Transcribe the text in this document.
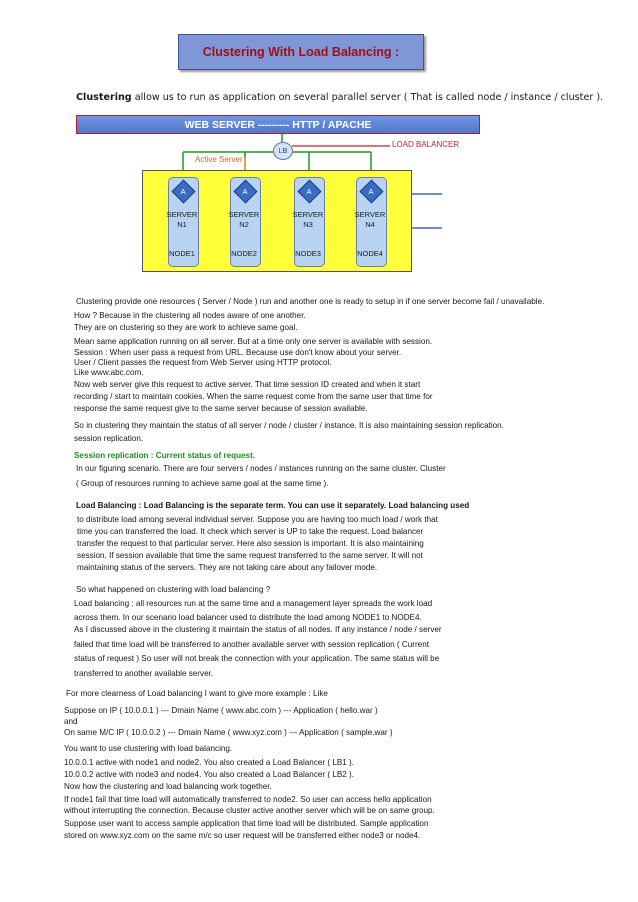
Clustering With Load Balancing :
Clustering allow us to run as application on several parallel server ( That is called node / instance / cluster ).
WEB SERVER --------- HTTP / APACHE
LB
LOAD BALANCER
Active Server
A	A	A	A
SERVER
N1
SERVER
N2
SERVER
N3
SERVER
N4
NODE1	NODE2	NODE3	NODE4
Clustering provide one resources ( Server / Node ) run and another one is ready to setup in if one server become fail / unavailable.
How ? Because in the clustering all nodes aware of one another.
They are on clustering so they are work to achieve same goal.
Mean same application running on all server. But at a time only one server is available with session.
Session : When user pass a request from URL. Because use don't know about your server.
User / Client passes the request from Web Server using HTTP protocol.
Like www.abc.com.
Now web server give this request to active server. That time session ID created and when it start
recording / start to maintain cookies. When the same request come from the same user that time for
response the same request give to the same server because of session available.
So in clustering they maintain the status of all server / node / cluster / instance. It is also maintaining session replication.
session replication.
Session replication : Current status of request.
In our figuring scenario. There are four servers / nodes / instances running on the same cluster. Cluster
( Group of resources running to achieve same goal at the same time ).
Load Balancing : Load Balancing is the separate term. You can use it separately. Load balancing used
to distribute load among several individual server. Suppose you are having too much load / work that
time you can transferred the load. It check which server is UP to take the request. Load balancer
transfer the request to that particular server. Here also session is important. It is also maintaining
session. If session available that time the same request transferred to the same server. It will not
maintaining status of the servers. They are not taking care about any failover mode.
So what happened on clustering with load balancing ?
Load balancing : all resources run at the same time and a management layer spreads the work load
across them. In our scenario load balancer used to distribute the load among NODE1 to NODE4.
As I discussed above in the clustering it maintain the status of all nodes. If any instance / node / server
failed that time load will be transferred to another available server with session replication ( Current
status of request ) So user will not break the connection with your application. The same status will be
transferred to another available server.
For more clearness of Load balancing I want to give more example : Like
Suppose on IP ( 10.0.0.1 ) --- Dmain Name ( www.abc.com ) --- Application ( hello.war )
and
On same M/C IP ( 10.0.0.2 ) --- Dmain Name ( www.xyz.com ) --- Application ( sample.war )
You want to use clustering with load balancing.
10.0.0.1 active with node1 and node2. You also created a Load Balancer ( LB1 ).
10.0.0.2 active with node3 and node4. You also created a Load Balancer ( LB2 ).
Now how the clustering and load balancing work together.
If node1 fail that time load will automatically transferred to node2. So user can access hello application
without interrupting the connection. Because cluster active another server which will be on same group.
Suppose user want to access sample application that time load will be distributed. Sample application
stored on www.xyz.com on the same m/c so user request will be transferred either node3 or node4.
